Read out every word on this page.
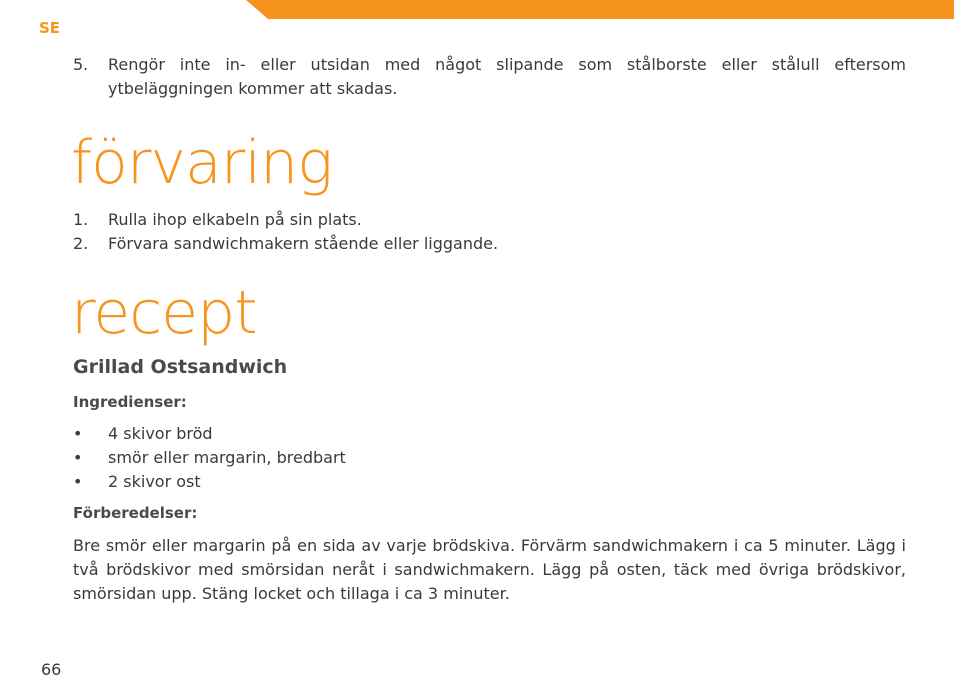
SE
5. Rengör inte in- eller utsidan med något slipande som stålborste eller stålull eftersom ytbeläggningen kommer att skadas.
förvaring
1. Rulla ihop elkabeln på sin plats.
2. Förvara sandwichmakern stående eller liggande.
recept
Grillad Ostsandwich
Ingredienser:
• 4 skivor bröd
• smör eller margarin, bredbart
• 2 skivor ost
Förberedelser:

Bre smör eller margarin på en sida av varje brödskiva. Förvärm sandwichmakern i ca 5 minuter. Lägg i två brödskivor med smörsidan neråt i sandwichmakern. Lägg på osten, täck med övriga brödskivor, smörsidan upp. Stäng locket och tillaga i ca 3 minuter.

66
